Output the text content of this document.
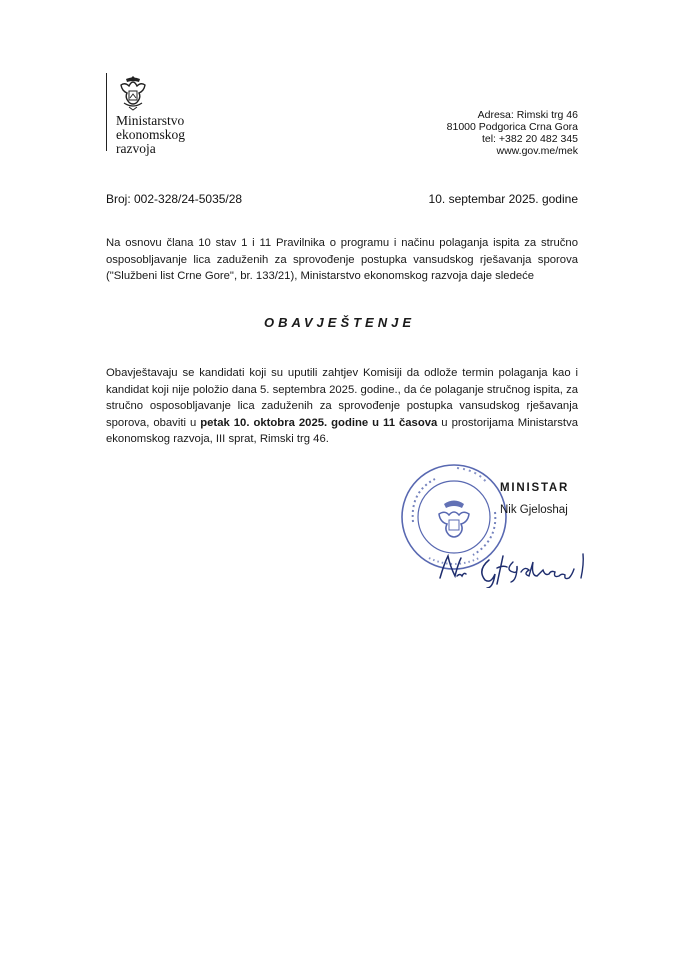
Ministarstvo
ekonomskog
razvoja
Adresa: Rimski trg 46
81000 Podgorica Crna Gora
tel: +382 20 482 345
www.gov.me/mek
Broj: 002-328/24-5035/28	10. septembar 2025. godine
Na osnovu člana 10 stav 1 i 11 Pravilnika o programu i načinu polaganja ispita za stručno osposobljavanje lica zaduženih za sprovođenje postupka vansudskog rješavanja sporova ("Službeni list Crne Gore", br. 133/21), Ministarstvo ekonomskog razvoja daje sledeće
OBAVJEŠTENJE
Obavještavaju se kandidati koji su uputili zahtjev Komisiji da odlože termin polaganja kao i kandidat koji nije položio dana 5. septembra 2025. godine., da će polaganje stručnog ispita, za stručno osposobljavanje lica zaduženih za sprovođenje postupka vansudskog rješavanja sporova, obaviti u petak 10. oktobra 2025. godine u 11 časova u prostorijama Ministarstva ekonomskog razvoja, III sprat, Rimski trg 46.
MINISTAR
Nik Gjeloshaj
